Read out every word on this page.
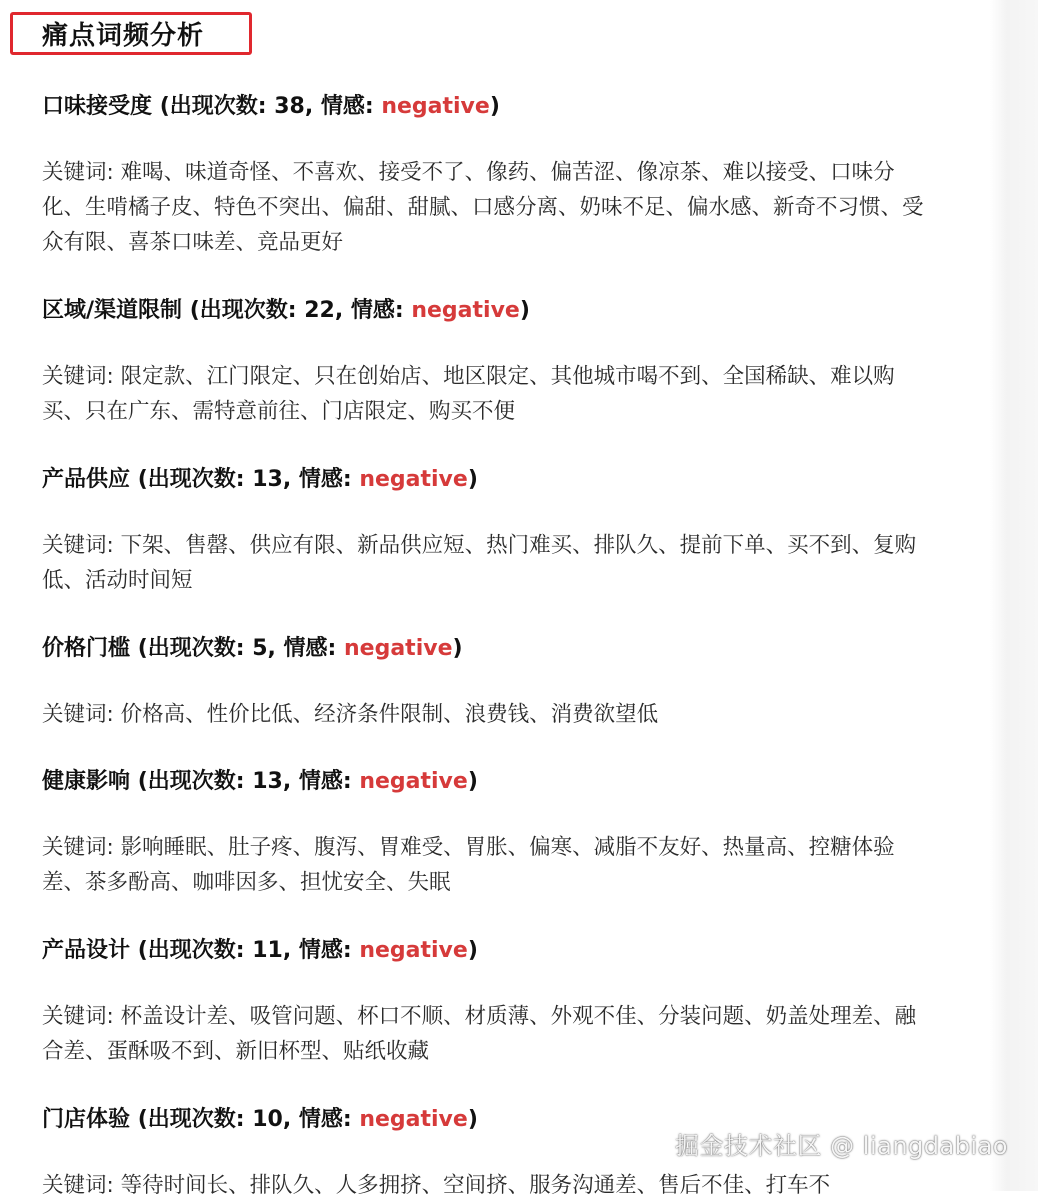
痛点词频分析
口味接受度 (出现次数: 38, 情感: negative)
关键词: 难喝、味道奇怪、不喜欢、接受不了、像药、偏苦涩、像凉茶、难以接受、口味分化、生啃橘子皮、特色不突出、偏甜、甜腻、口感分离、奶味不足、偏水感、新奇不习惯、受众有限、喜茶口味差、竞品更好
区域/渠道限制 (出现次数: 22, 情感: negative)
关键词: 限定款、江门限定、只在创始店、地区限定、其他城市喝不到、全国稀缺、难以购买、只在广东、需特意前往、门店限定、购买不便
产品供应 (出现次数: 13, 情感: negative)
关键词: 下架、售罄、供应有限、新品供应短、热门难买、排队久、提前下单、买不到、复购低、活动时间短
价格门槛 (出现次数: 5, 情感: negative)
关键词: 价格高、性价比低、经济条件限制、浪费钱、消费欲望低
健康影响 (出现次数: 13, 情感: negative)
关键词: 影响睡眠、肚子疼、腹泻、胃难受、胃胀、偏寒、减脂不友好、热量高、控糖体验差、茶多酚高、咖啡因多、担忧安全、失眠
产品设计 (出现次数: 11, 情感: negative)
关键词: 杯盖设计差、吸管问题、杯口不顺、材质薄、外观不佳、分装问题、奶盖处理差、融合差、蛋酥吸不到、新旧杯型、贴纸收藏
门店体验 (出现次数: 10, 情感: negative)
关键词: 等待时间长、排队久、人多拥挤、空间挤、服务沟通差、售后不佳、打车不
掘金技术社区 @ liangdabiao
